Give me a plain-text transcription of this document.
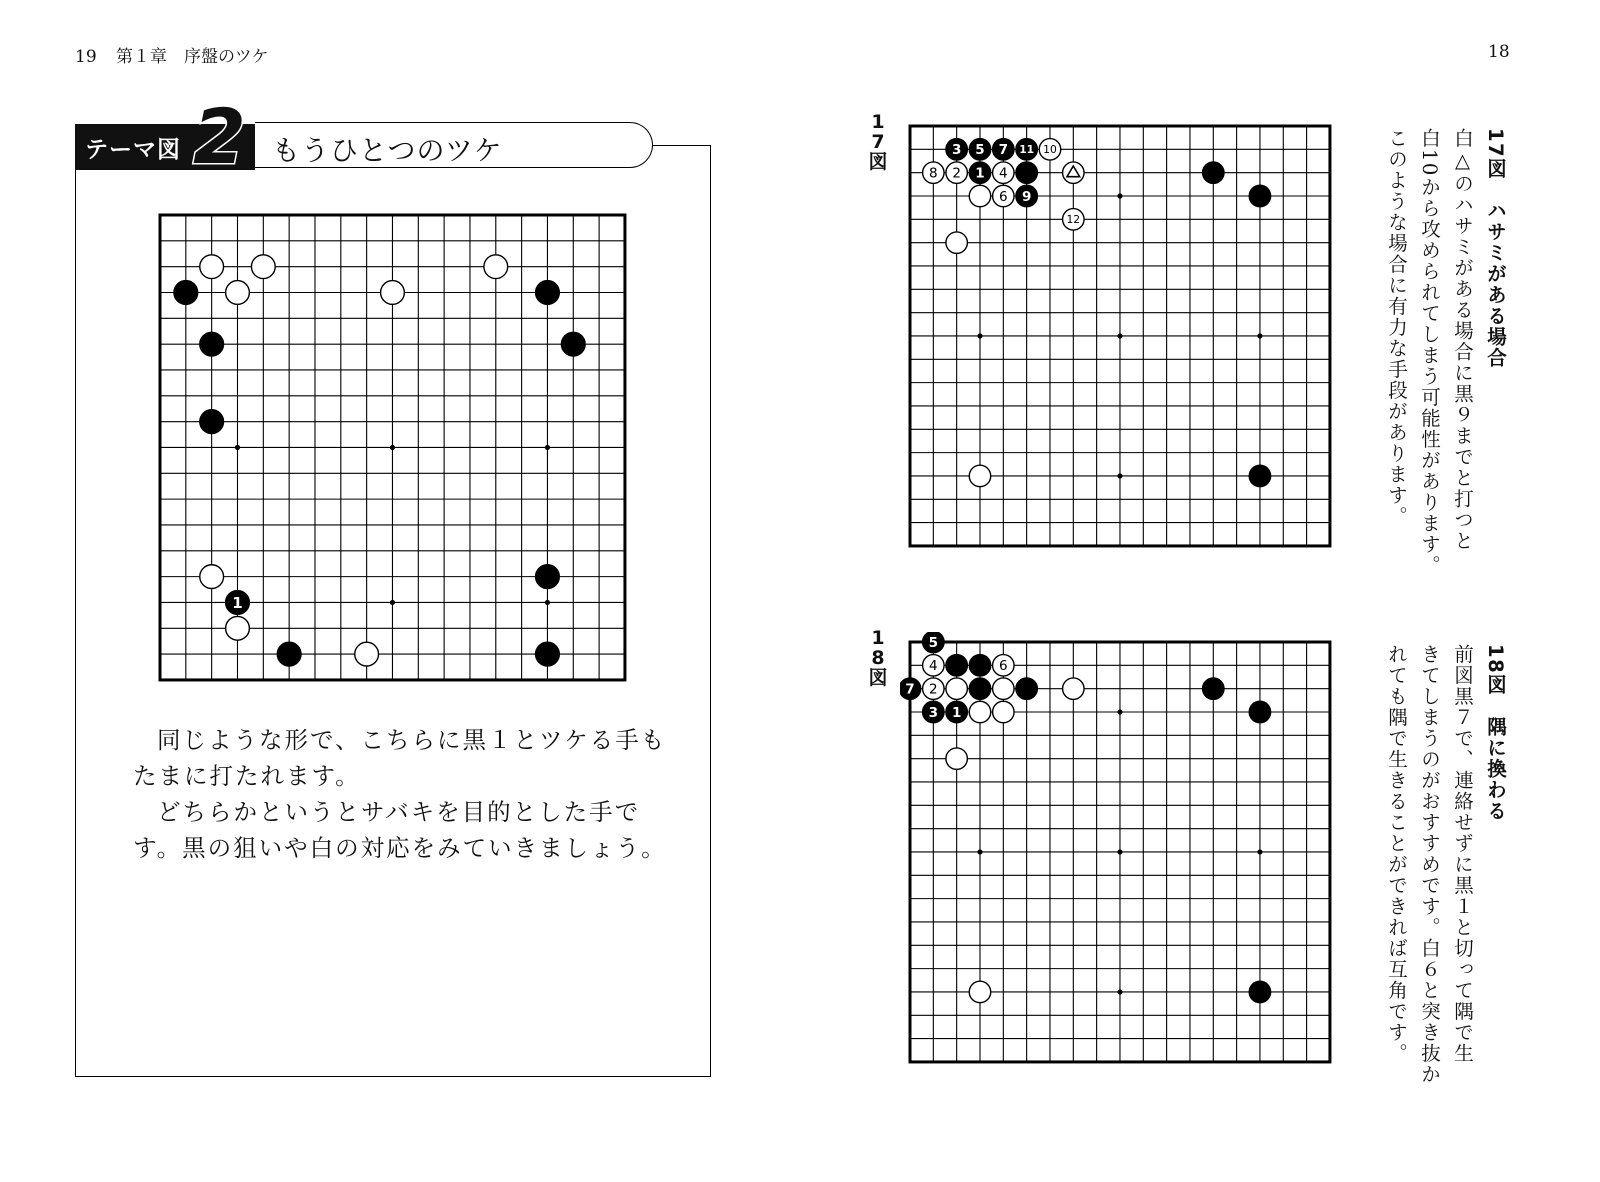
19 第１章　序盤のツケ	18
テーマ図 2 もうひとつのツケ
1

同じような形で、こちらに黒１とツケる手も

たまに打たれます。

どちらかというとサバキを目的とした手で

す。黒の狙いや白の対応をみていきましょう。

17図
3 5 7 11 10
8 2 1 4
6 9
12	17図　ハサミがある場合
白△のハサミがある場合に黒９までと打つと
白10から攻められてしまう可能性があります。
このような場合に有力な手段があります。
18図
5
4	6
7 2
3 1	18図　隅に換わる
前図黒７で、連絡せずに黒１と切って隅で生
きてしまうのがおすすめです。白６と突き抜か
れても隅で生きることができれば互角です。
